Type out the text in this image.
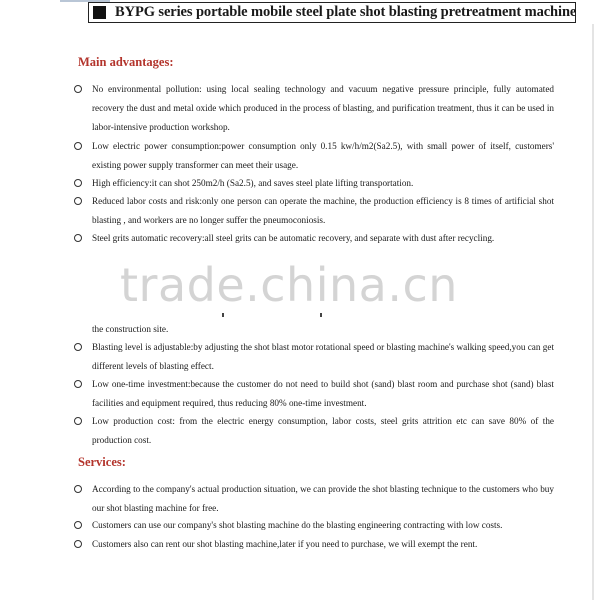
BYPG series portable mobile steel plate shot blasting pretreatment machine
Main advantages:
No environmental pollution: using local sealing technology and vacuum negative pressure principle, fully automated recovery the dust and metal oxide which produced in the process of blasting, and purification treatment, thus it can be used in labor-intensive production workshop.
Low electric power consumption:power consumption only 0.15 kw/h/m2(Sa2.5), with small power of itself, customers' existing power supply transformer can meet their usage.
High efficiency:it can shot 250m2/h (Sa2.5), and saves steel plate lifting transportation.
Reduced labor costs and risk:only one person can operate the machine, the production efficiency is 8 times of artificial shot blasting , and workers are no longer suffer the pneumoconiosis.
Steel grits automatic recovery:all steel grits can be automatic recovery, and separate with dust after recycling.
trade.china.cn
the construction site.
Blasting level is adjustable:by adjusting the shot blast motor rotational speed or blasting machine's walking speed,you can get different levels of blasting effect.
Low one-time investment:because the customer do not need to build shot (sand) blast room and purchase shot (sand) blast facilities and equipment required, thus reducing 80% one-time investment.
Low production cost: from the electric energy consumption, labor costs, steel grits attrition etc can save 80% of the production cost.
Services:
According to the company's actual production situation, we can provide the shot blasting technique to the customers who buy our shot blasting machine for free.
Customers can use our company's shot blasting machine do the blasting engineering contracting with low costs.
Customers also can rent our shot blasting machine,later if you need to purchase, we will exempt the rent.
